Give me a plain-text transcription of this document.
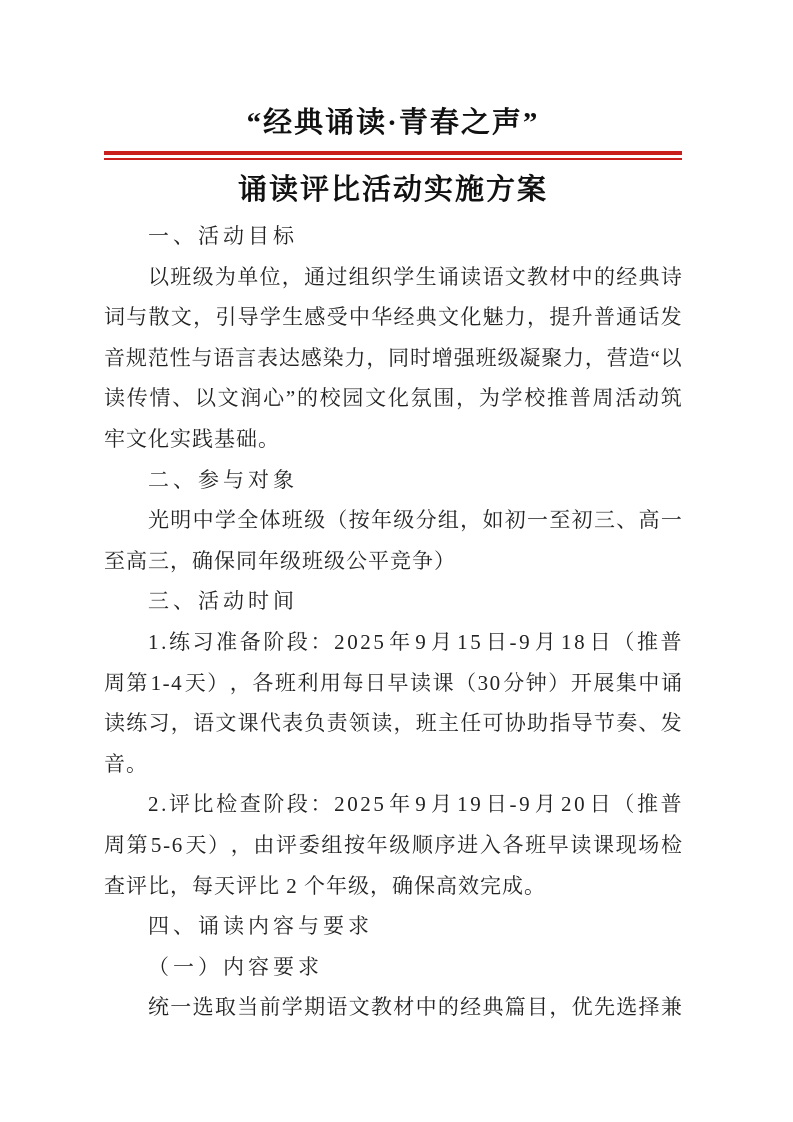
“经典诵读·青春之声”
诵读评比活动实施方案
一、活动目标
以 班 级 为 单 位 ， 通 过 组 织 学 生 诵 读 语 文 教 材 中 的 经 典 诗
词 与 散 文 ， 引 导 学 生 感 受 中 华 经 典 文 化 魅 力 ， 提 升 普 通 话 发
音 规 范 性 与 语 言 表 达 感 染 力 ， 同 时 增 强 班 级 凝 聚 力 ， 营 造 “ 以
读 传 情 、 以 文 润 心 ” 的 校 园 文 化 氛 围 ， 为 学 校 推 普 周 活 动 筑
牢文化实践基础。
二、参与对象
光 明 中 学 全 体 班 级 （ 按 年 级 分 组 ， 如 初 一 至 初 三 、 高 一
至高三，确保同年级班级公平竞争）
三、活动时间
1 . 练 习 准 备 阶 段 ： 2 0 2 5 年 9 月 1 5 日 - 9 月 1 8 日 （ 推 普
周 第 1 - 4 天 ） ， 各 班 利 用 每 日 早 读 课 （ 3 0 分 钟 ） 开 展 集 中 诵
读 练 习 ， 语 文 课 代 表 负 责 领 读 ， 班 主 任 可 协 助 指 导 节 奏 、 发
音。
2 . 评 比 检 查 阶 段 ： 2 0 2 5 年 9 月 1 9 日 - 9 月 2 0 日 （ 推 普
周 第 5 - 6 天 ） ， 由 评 委 组 按 年 级 顺 序 进 入 各 班 早 读 课 现 场 检
查评比，每天评比 2 个年级，确保高效完成。
四、诵读内容与要求
（一）内容要求
统 一 选 取 当 前 学 期 语 文 教 材 中 的 经 典 篇 目 ， 优 先 选 择 兼
